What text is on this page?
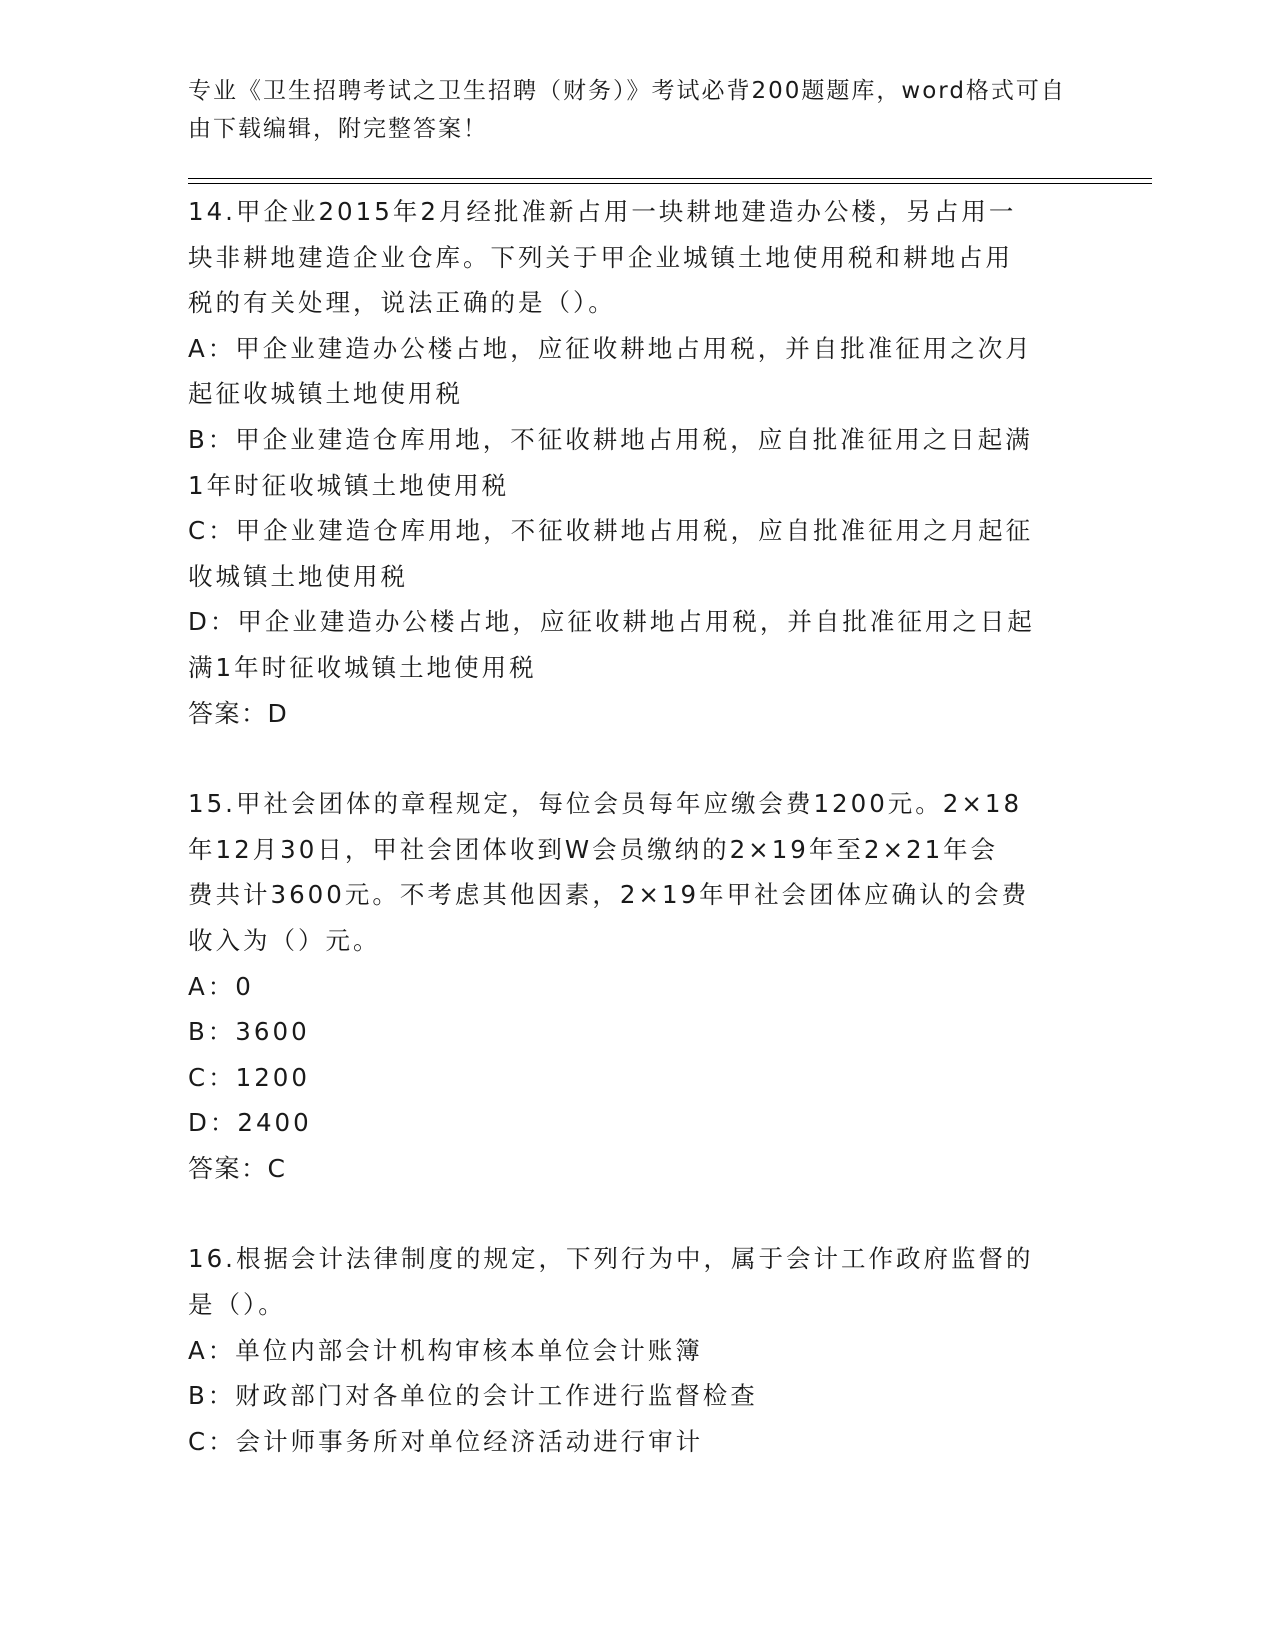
专业《卫生招聘考试之卫生招聘（财务）》考试必背200题题库，word格式可自
由下载编辑，附完整答案！
14.甲企业2015年2月经批准新占用一块耕地建造办公楼，另占用一
块非耕地建造企业仓库。下列关于甲企业城镇土地使用税和耕地占用
税的有关处理，说法正确的是（）。
A：甲企业建造办公楼占地，应征收耕地占用税，并自批准征用之次月
起征收城镇土地使用税
B：甲企业建造仓库用地，不征收耕地占用税，应自批准征用之日起满
1年时征收城镇土地使用税
C：甲企业建造仓库用地，不征收耕地占用税，应自批准征用之月起征
收城镇土地使用税
D：甲企业建造办公楼占地，应征收耕地占用税，并自批准征用之日起
满1年时征收城镇土地使用税
答案：D
15.甲社会团体的章程规定，每位会员每年应缴会费1200元。2×18
年12月30日，甲社会团体收到W会员缴纳的2×19年至2×21年会
费共计3600元。不考虑其他因素，2×19年甲社会团体应确认的会费
收入为（）元。
A：0
B：3600
C：1200
D：2400
答案：C
16.根据会计法律制度的规定，下列行为中，属于会计工作政府监督的
是（）。
A：单位内部会计机构审核本单位会计账簿
B：财政部门对各单位的会计工作进行监督检查
C：会计师事务所对单位经济活动进行审计
